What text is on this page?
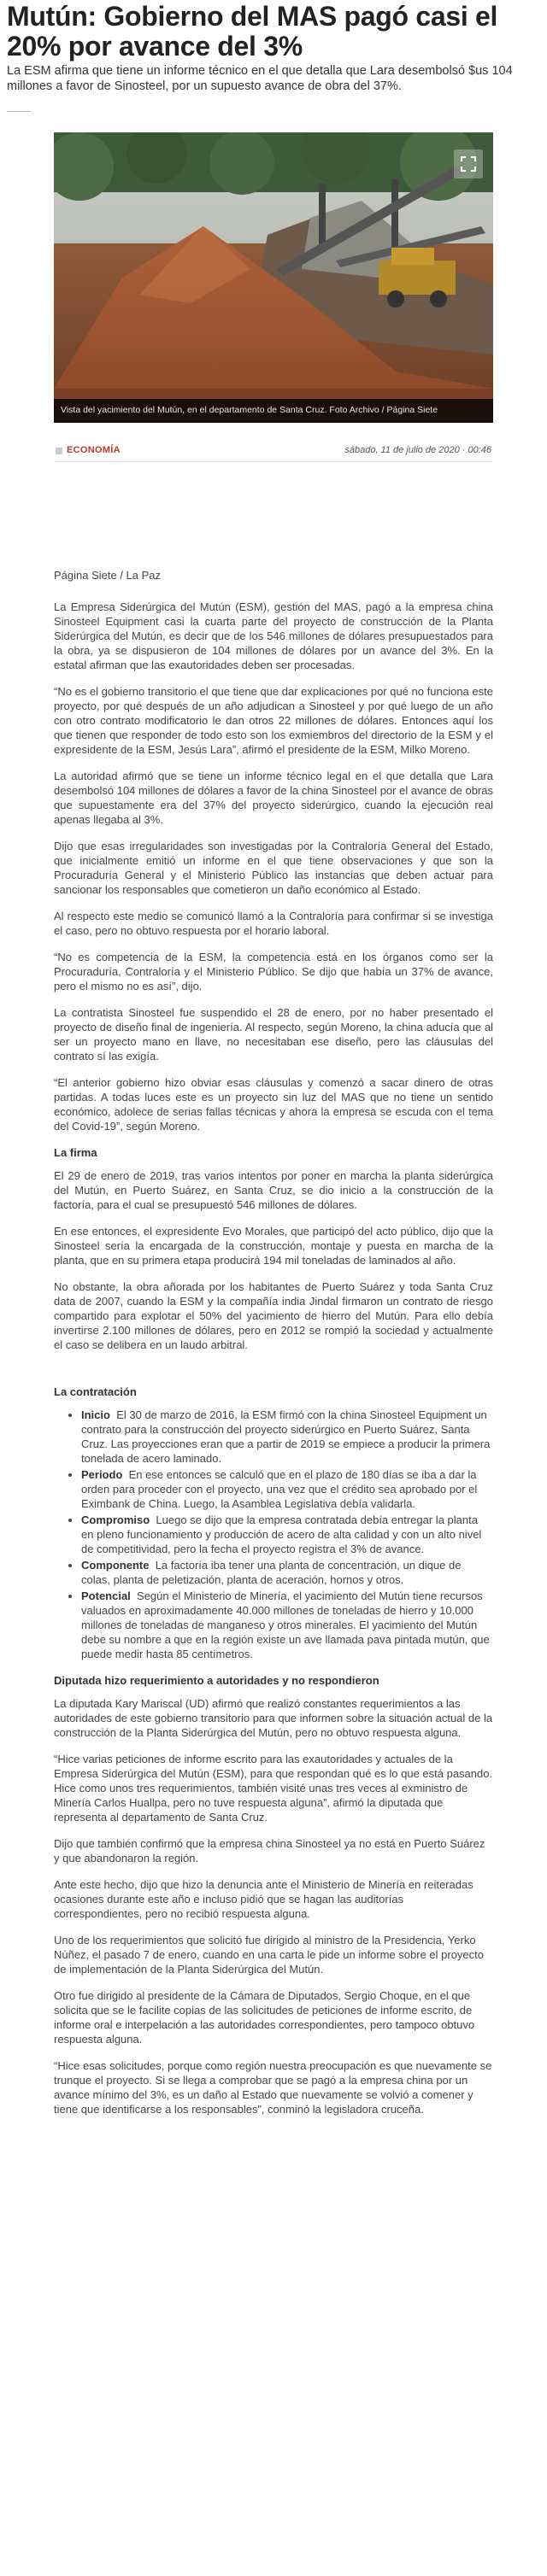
Mutún: Gobierno del MAS pagó casi el 20% por avance del 3%

La ESM afirma que tiene un informe técnico en el que detalla que Lara desembolsó $us 104 millones a favor de Sinosteel, por un supuesto avance de obra del 37%.

Vista del yacimiento del Mutún, en el departamento de Santa Cruz. Foto Archivo / Página Siete
ECONOMÍA	sábado, 11 de julio de 2020 · 00:46

Página Siete / La Paz

La Empresa Siderúrgica del Mutún (ESM), gestión del MAS, pagó a la empresa china Sinosteel Equipment casi la cuarta parte del proyecto de construcción de la Planta Siderúrgica del Mutún, es decir que de los 546 millones de dólares presupuestados para la obra, ya se dispusieron de 104 millones de dólares por un avance del 3%. En la estatal afirman que las exautoridades deben ser procesadas.

“No es el gobierno transitorio el que tiene que dar explicaciones por qué no funciona este proyecto, por qué después de un año adjudican a Sinosteel y por qué luego de un año con otro contrato modificatorio le dan otros 22 millones de dólares. Entonces aquí los que tienen que responder de todo esto son los exmiembros del directorio de la ESM y el expresidente de la ESM, Jesús Lara”, afirmó el presidente de la ESM, Milko Moreno.

La autoridad afirmó que se tiene un informe técnico legal en el que detalla que Lara desembolsó 104 millones de dólares a favor de la china Sinosteel por el avance de obras que supuestamente era del 37% del proyecto siderúrgico, cuando la ejecución real apenas llegaba al 3%.

Dijo que esas irregularidades son investigadas por la Contraloría General del Estado, que inicialmente emitió un informe en el que tiene observaciones y que son la Procuraduría General y el Ministerio Público las instancias que deben actuar para sancionar los responsables que cometieron un daño económico al Estado.

Al respecto este medio se comunicó llamó a la Contraloría para confirmar si se investiga el caso, pero no obtuvo respuesta por el horario laboral.

“No es competencia de la ESM, la competencia está en los órganos como ser la Procuraduría, Contraloría y el Ministerio Público. Se dijo que había un 37% de avance, pero el mismo no es así”, dijo.

La contratista Sinosteel fue suspendido el 28 de enero, por no haber presentado el proyecto de diseño final de ingeniería. Al respecto, según Moreno, la china aducía que al ser un proyecto mano en llave, no necesitaban ese diseño, pero las cláusulas del contrato sí las exigía.

“El anterior gobierno hizo obviar esas cláusulas y comenzó a sacar dinero de otras partidas. A todas luces este es un proyecto sin luz del MAS que no tiene un sentido económico, adolece de serias fallas técnicas y ahora la empresa se escuda con el tema del Covid-19”, según Moreno.

La firma

El 29 de enero de 2019, tras varios intentos por poner en marcha la planta siderúrgica del Mutún, en Puerto Suárez, en Santa Cruz, se dio inicio a la construcción de la factoría, para el cual se presupuestó 546 millones de dólares.

En ese entonces, el expresidente Evo Morales, que participó del acto público, dijo que la Sinosteel sería la encargada de la construcción, montaje y puesta en marcha de la planta, que en su primera etapa producirá 194 mil toneladas de laminados al año.

No obstante, la obra añorada por los habitantes de Puerto Suárez y toda Santa Cruz data de 2007, cuando la ESM y la compañía india Jindal firmaron un contrato de riesgo compartido para explotar el 50% del yacimiento de hierro del Mutún. Para ello debía invertirse 2.100 millones de dólares, pero en 2012 se rompió la sociedad y actualmente el caso se delibera en un laudo arbitral.

La contratación
• Inicio El 30 de marzo de 2016, la ESM firmó con la china Sinosteel Equipment un contrato para la construcción del proyecto siderúrgico en Puerto Suárez, Santa Cruz. Las proyecciones eran que a partir de 2019 se empiece a producir la primera tonelada de acero laminado.
• Periodo En ese entonces se calculó que en el plazo de 180 días se iba a dar la orden para proceder con el proyecto, una vez que el crédito sea aprobado por el Eximbank de China. Luego, la Asamblea Legislativa debía validarla.
• Compromiso Luego se dijo que la empresa contratada debía entregar la planta en pleno funcionamiento y producción de acero de alta calidad y con un alto nivel de competitividad, pero la fecha el proyecto registra el 3% de avance.
• Componente La factoría iba tener una planta de concentración, un dique de colas, planta de peletización, planta de aceración, hornos y otros.
• Potencial Según el Ministerio de Minería, el yacimiento del Mutún tiene recursos valuados en aproximadamente 40.000 millones de toneladas de hierro y 10.000 millones de toneladas de manganeso y otros minerales. El yacimiento del Mutún debe su nombre a que en la región existe un ave llamada pava pintada mutún, que puede medir hasta 85 centímetros.
Diputada hizo requerimiento a autoridades y no respondieron

La diputada Kary Mariscal (UD) afirmó que realizó constantes requerimientos a las autoridades de este gobierno transitorio para que informen sobre la situación actual de la construcción de la Planta Siderúrgica del Mutún, pero no obtuvo respuesta alguna.

“Hice varias peticiones de informe escrito para las exautoridades y actuales de la Empresa Siderúrgica del Mutún (ESM), para que respondan qué es lo que está pasando. Hice como unos tres requerimientos, también visité unas tres veces al exministro de Minería Carlos Huallpa, pero no tuve respuesta alguna”, afirmó la diputada que representa al departamento de Santa Cruz.

Dijo que también confirmó que la empresa china Sinosteel ya no está en Puerto Suárez y que abandonaron la región.

Ante este hecho, dijo que hizo la denuncia ante el Ministerio de Minería en reiteradas ocasiones durante este año e incluso pidió que se hagan las auditorías correspondientes, pero no recibió respuesta alguna.

Uno de los requerimientos que solicitó fue dirigido al ministro de la Presidencia, Yerko Núñez, el pasado 7 de enero, cuando en una carta le pide un informe sobre el proyecto de implementación de la Planta Siderúrgica del Mutún.

Otro fue dirigido al presidente de la Cámara de Diputados, Sergio Choque, en el que solicita que se le facilite copias de las solicitudes de peticiones de informe escrito, de informe oral e interpelación a las autoridades correspondientes, pero tampoco obtuvo respuesta alguna.

“Hice esas solicitudes, porque como región nuestra preocupación es que nuevamente se trunque el proyecto. Si se llega a comprobar que se pagó a la empresa china por un avance mínimo del 3%, es un daño al Estado que nuevamente se volvió a comener y tiene que identificarse a los responsables”, conminó la legisladora cruceña.
